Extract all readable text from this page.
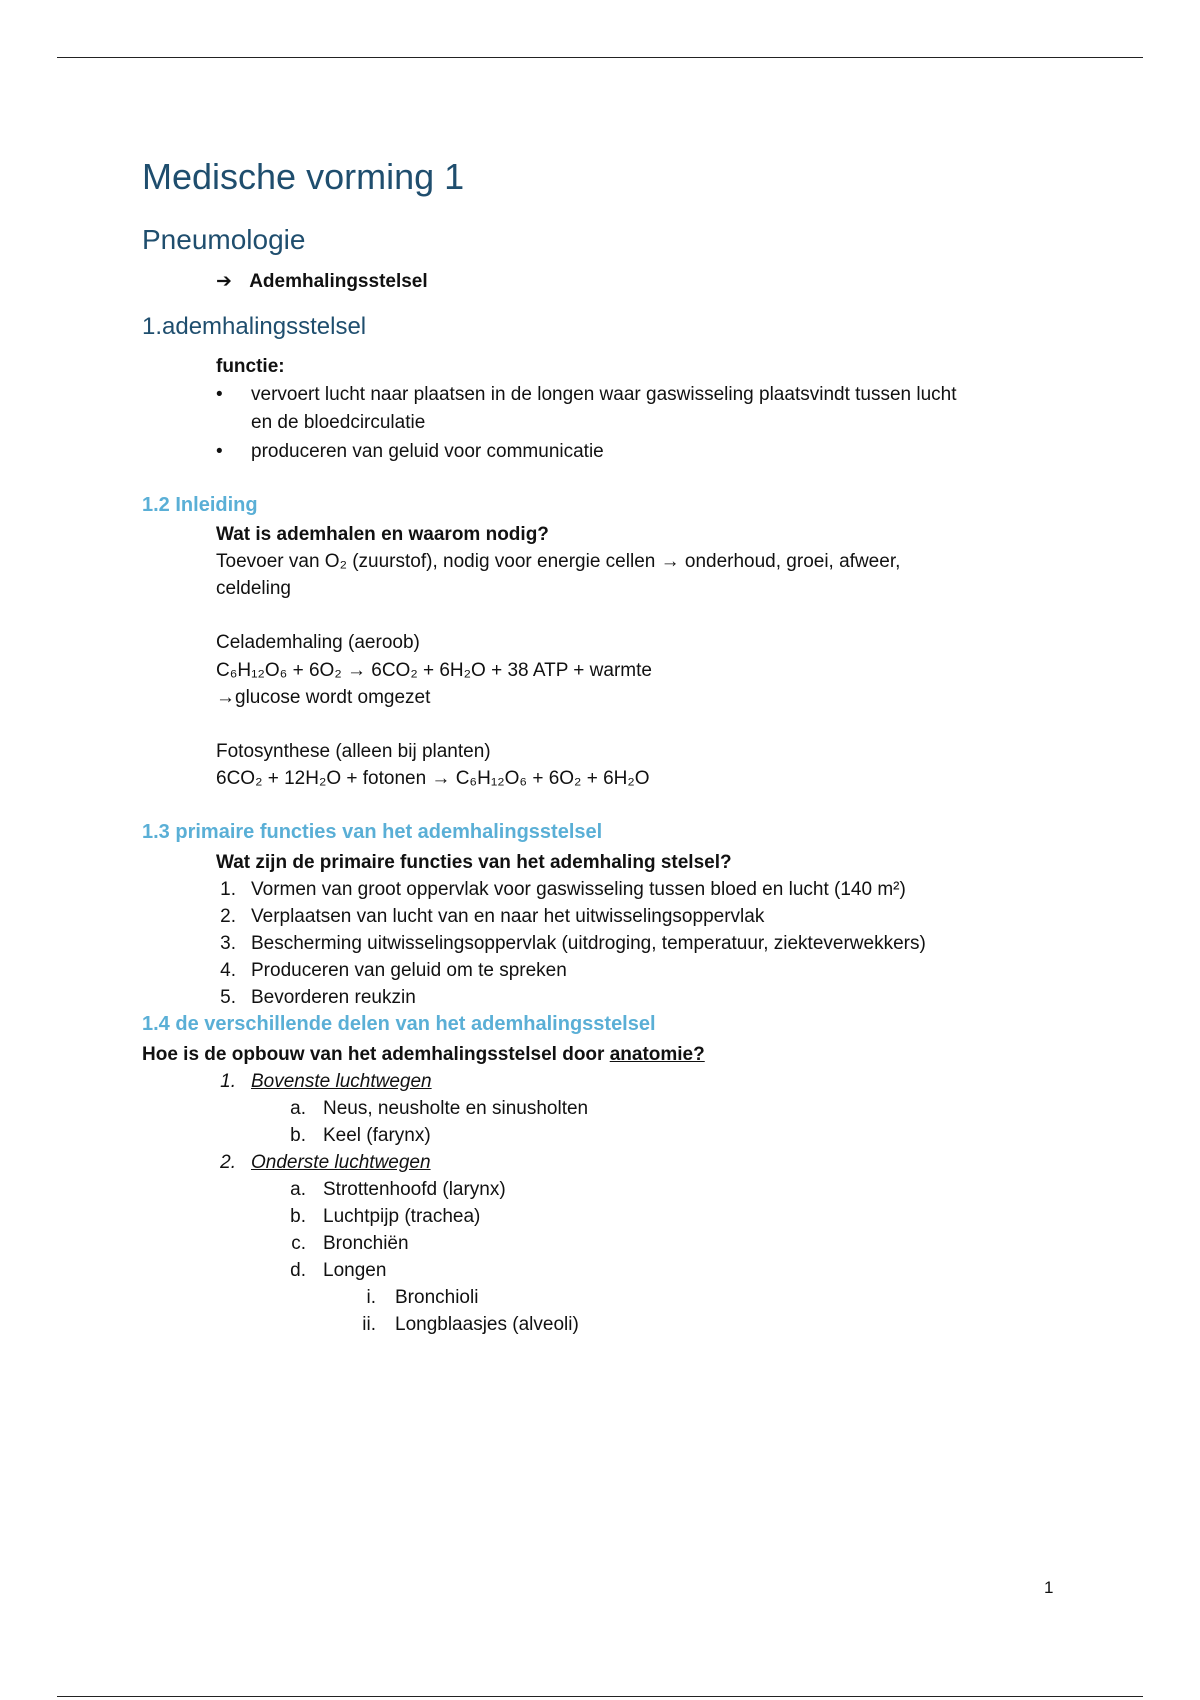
Medische vorming 1
Pneumologie
➔ Ademhalingsstelsel
1.ademhalingsstelsel
functie:
• vervoert lucht naar plaatsen in de longen waar gaswisseling plaatsvindt tussen lucht
en de bloedcirculatie
• produceren van geluid voor communicatie
1.2 Inleiding
Wat is ademhalen en waarom nodig?
Toevoer van O₂ (zuurstof), nodig voor energie cellen → onderhoud, groei, afweer,
celdeling
Celademhaling (aeroob)
C₆H₁₂O₆ + 6O₂ → 6CO₂ + 6H₂O + 38 ATP + warmte
→glucose wordt omgezet
Fotosynthese (alleen bij planten)
6CO₂ + 12H₂O + fotonen → C₆H₁₂O₆ + 6O₂ + 6H₂O
1.3 primaire functies van het ademhalingsstelsel
Wat zijn de primaire functies van het ademhaling stelsel?
1. Vormen van groot oppervlak voor gaswisseling tussen bloed en lucht (140 m²)
2. Verplaatsen van lucht van en naar het uitwisselingsoppervlak
3. Bescherming uitwisselingsoppervlak (uitdroging, temperatuur, ziekteverwekkers)
4. Produceren van geluid om te spreken
5. Bevorderen reukzin
1.4 de verschillende delen van het ademhalingsstelsel
Hoe is de opbouw van het ademhalingsstelsel door anatomie?
1. Bovenste luchtwegen
a. Neus, neusholte en sinusholten
b. Keel (farynx)
2. Onderste luchtwegen
a. Strottenhoofd (larynx)
b. Luchtpijp (trachea)
c. Bronchiën
d. Longen
i. Bronchioli
ii. Longblaasjes (alveoli)
1
